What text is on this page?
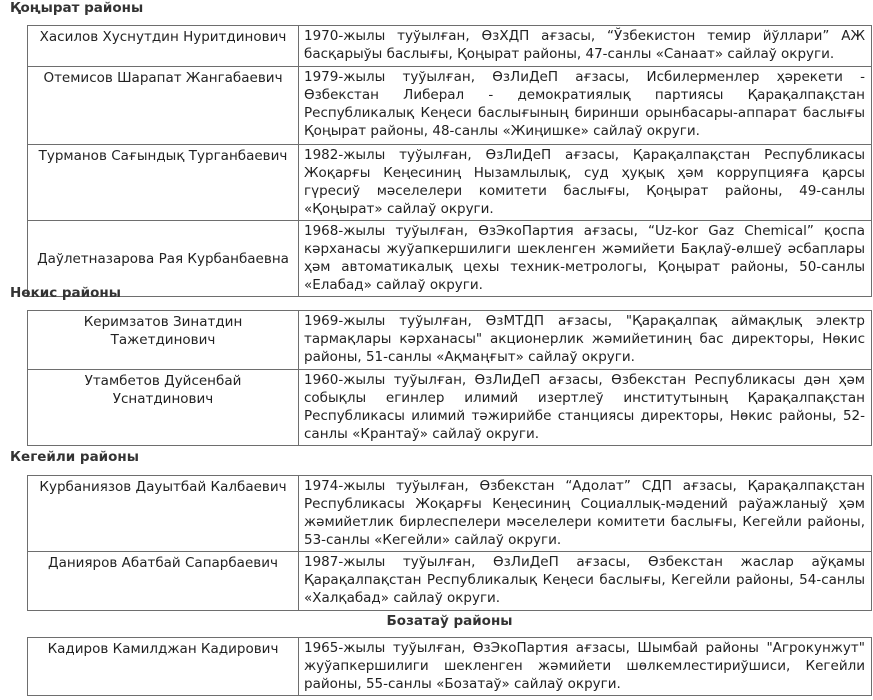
Қоңырат районы
Хасилов Хуснутдин Нуритдинович	1970-жылы туўылған, ӨзХДП ағзасы, “Ўзбекистон темир йўллари” АЖ басқарыўы баслығы, Қоңырат районы, 47-санлы «Санаат» сайлаў округи.
Отемисов Шарапат Жангабаевич	1979-жылы туўылған, ӨзЛиДеП ағзасы, Исбилерменлер ҳәрекети - Өзбекстан Либерал - демократиялық партиясы Қарақалпақстан Республикалық Кеңеси баслығының биринши орынбасары-аппарат баслығы Қоңырат районы, 48-санлы «Жиңишке» сайлаў округи.
Турманов Сағындық Турганбаевич	1982-жылы туўылған, ӨзЛиДеП ағзасы, Қарақалпақстан Республикасы Жоқарғы Кеңесиниң Нызамлылық, суд ҳуқық ҳәм коррупцияға қарсы гүресиў мәселелери комитети баслығы, Қоңырат районы, 49-санлы «Қоңырат» сайлаў округи.
Даўлетназарова Рая Курбанбаевна	1968-жылы туўылған, ӨзЭкоПартия ағзасы, “Uz-kor Gaz Chemical” қоспа кәрханасы жуўапкершилиги шекленген жәмийети Бақлаў-өлшеў әсбаплары ҳәм автоматикалық цехы техник-метрологы, Қоңырат районы, 50-санлы «Елабад» сайлаў округи.
Нөкис районы
Керимзатов Зинатдин Тажетдинович	1969-жылы туўылған, ӨзМТДП ағзасы, "Қарақалпақ аймақлық электр тармақлары кәрханасы" акционерлик жәмийетиниң бас директоры, Нөкис районы, 51-санлы «Ақмаңғыт» сайлаў округи.
Утамбетов Дуйсенбай Уснатдинович	1960-жылы туўылған, ӨзЛиДеП ағзасы, Өзбекстан Республикасы дән ҳәм собықлы егинлер илимий изертлеў институтының Қарақалпақстан Республикасы илимий тәжирийбе станциясы директоры, Нөкис районы, 52-санлы «Крантаў» сайлаў округи.
Кегейли районы
Курбаниязов Дауытбай Калбаевич	1974-жылы туўылған, Өзбекстан “Адолат” СДП ағзасы, Қарақалпақстан Республикасы Жоқарғы Кеңесиниң Социаллық-мәдений раўажланыў ҳәм жәмийетлик бирлеспелери мәселелери комитети баслығы, Кегейли районы, 53-санлы «Кегейли» сайлаў округи.
Данияров Абатбай Сапарбаевич	1987-жылы туўылған, ӨзЛиДеП ағзасы, Өзбекстан жаслар аўқамы Қарақалпақстан Республикалық Кеңеси баслығы, Кегейли районы, 54-санлы «Халқабад» сайлаў округи.
Бозатаў районы
Кадиров Камилджан Кадирович	1965-жылы туўылған, ӨзЭкоПартия ағзасы, Шымбай районы "Агрокунжут" жуўапкершилиги шекленген жәмийети шөлкемлестириўшиси, Кегейли районы, 55-санлы «Бозатаў» сайлаў округи.
